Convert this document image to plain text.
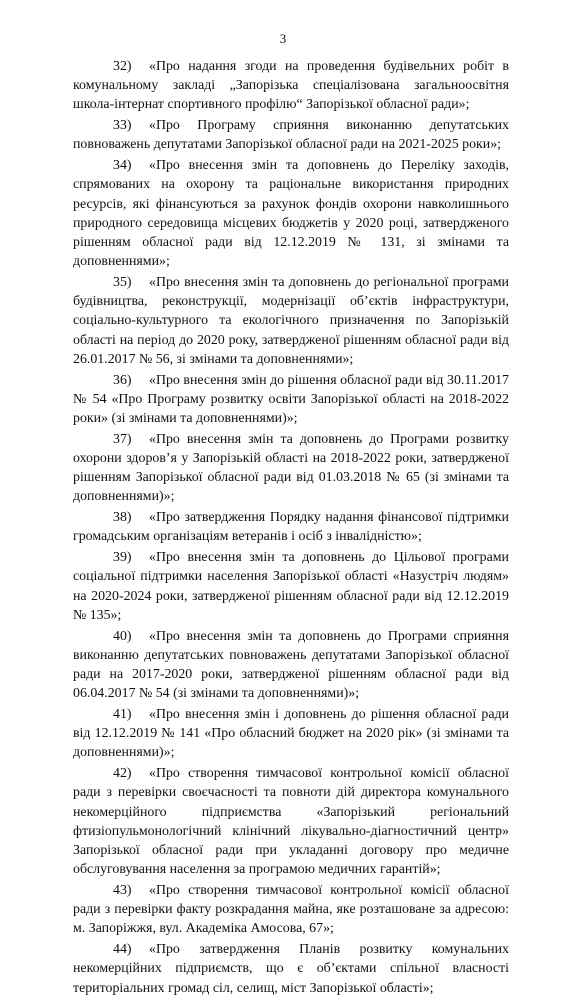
3

32) «Про надання згоди на проведення будівельних робіт в комунальному закладі „Запорізька спеціалізована загальноосвітня школа-інтернат спортивного профілю“ Запорізької обласної ради»;

33) «Про Програму сприяння виконанню депутатських повноважень депутатами Запорізької обласної ради на 2021-2025 роки»;

34) «Про внесення змін та доповнень до Переліку заходів, спрямованих на охорону та раціональне використання природних ресурсів, які фінансуються за рахунок фондів охорони навколишнього природного середовища місцевих бюджетів у 2020 році, затвердженого рішенням обласної ради від 12.12.2019 № 131, зі змінами та доповненнями»;

35) «Про внесення змін та доповнень до регіональної програми будівництва, реконструкції, модернізації об’єктів інфраструктури, соціально-культурного та екологічного призначення по Запорізькій області на період до 2020 року, затвердженої рішенням обласної ради від 26.01.2017 № 56, зі змінами та доповненнями»;

36) «Про внесення змін до рішення обласної ради від 30.11.2017 № 54 «Про Програму розвитку освіти Запорізької області на 2018-2022 роки» (зі змінами та доповненнями)»;

37) «Про внесення змін та доповнень до Програми розвитку охорони здоров’я у Запорізькій області на 2018-2022 роки, затвердженої рішенням Запорізької обласної ради від 01.03.2018 № 65 (зі змінами та доповненнями)»;

38) «Про затвердження Порядку надання фінансової підтримки громадським організаціям ветеранів і осіб з інвалідністю»;

39) «Про внесення змін та доповнень до Цільової програми соціальної підтримки населення Запорізької області «Назустріч людям» на 2020-2024 роки, затвердженої рішенням обласної ради від 12.12.2019 № 135»;

40) «Про внесення змін та доповнень до Програми сприяння виконанню депутатських повноважень депутатами Запорізької обласної ради на 2017-2020 роки, затвердженої рішенням обласної ради від 06.04.2017 № 54 (зі змінами та доповненнями)»;

41) «Про внесення змін і доповнень до рішення обласної ради від 12.12.2019 № 141 «Про обласний бюджет на 2020 рік» (зі змінами та доповненнями)»;

42) «Про створення тимчасової контрольної комісії обласної ради з перевірки своєчасності та повноти дій директора комунального некомерційного підприємства «Запорізький регіональний фтизіопульмонологічний клінічний лікувально-діагностичний центр» Запорізької обласної ради при укладанні договору про медичне обслуговування населення за програмою медичних гарантій»;

43) «Про створення тимчасової контрольної комісії обласної ради з перевірки факту розкрадання майна, яке розташоване за адресою: м. Запоріжжя, вул. Академіка Амосова, 67»;

44) «Про затвердження Планів розвитку комунальних некомерційних підприємств, що є об’єктами спільної власності територіальних громад сіл, селищ, міст Запорізької області»;
